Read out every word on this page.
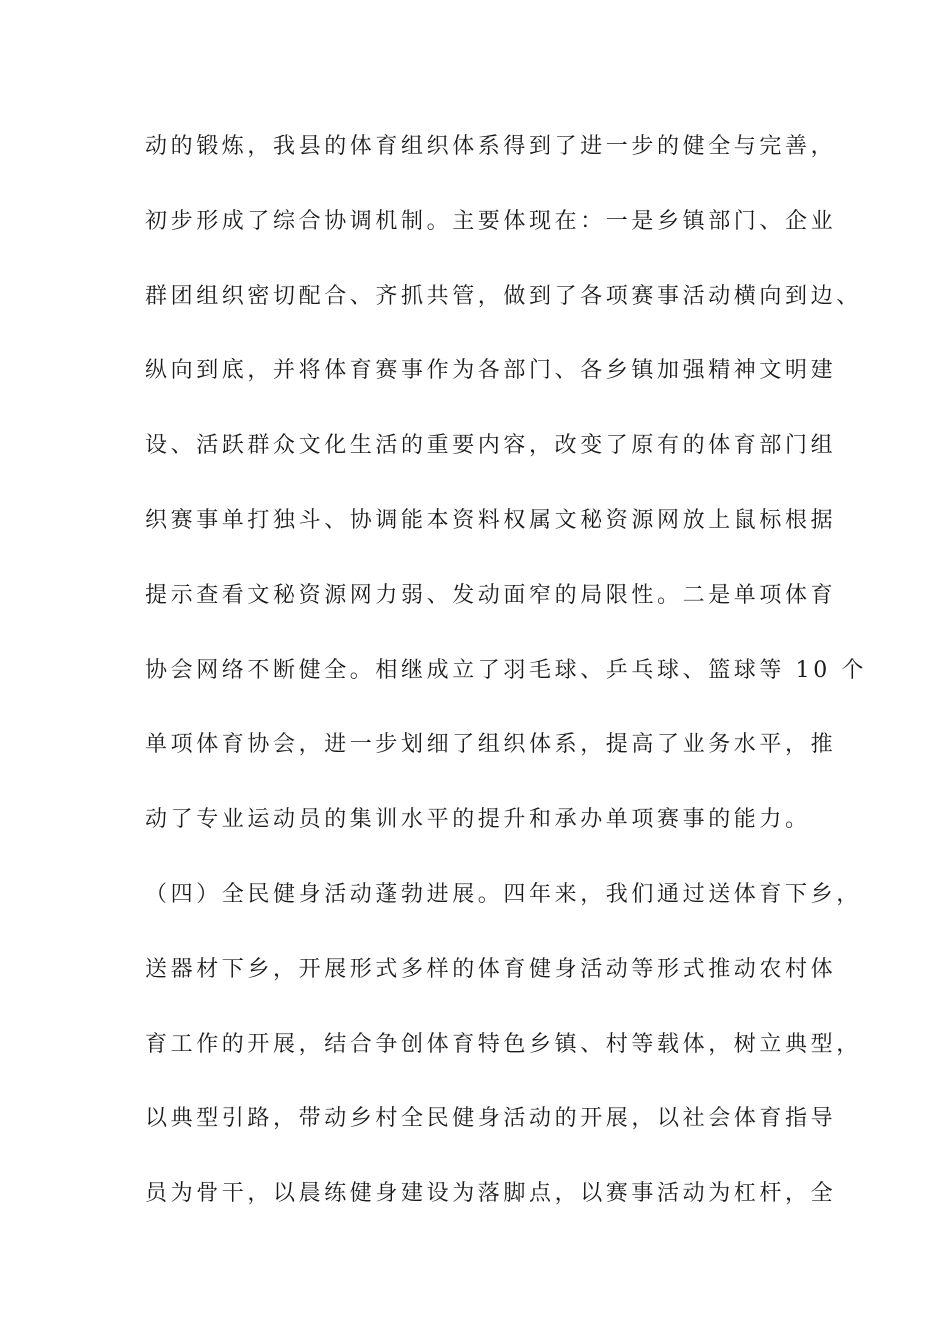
动的锻炼，我县的体育组织体系得到了进一步的健全与完善，
初步形成了综合协调机制。主要体现在：一是乡镇部门、企业
群团组织密切配合、齐抓共管，做到了各项赛事活动横向到边、
纵向到底，并将体育赛事作为各部门、各乡镇加强精神文明建
设、活跃群众文化生活的重要内容，改变了原有的体育部门组
织赛事单打独斗、协调能本资料权属文秘资源网放上鼠标根据
提示查看文秘资源网力弱、发动面窄的局限性。二是单项体育
协会网络不断健全。相继成立了羽毛球、乒乓球、篮球等 10 个
单项体育协会，进一步划细了组织体系，提高了业务水平，推
动了专业运动员的集训水平的提升和承办单项赛事的能力。
（四）全民健身活动蓬勃进展。四年来，我们通过送体育下乡，
送器材下乡，开展形式多样的体育健身活动等形式推动农村体
育工作的开展，结合争创体育特色乡镇、村等载体，树立典型，
以典型引路，带动乡村全民健身活动的开展，以社会体育指导
员为骨干，以晨练健身建设为落脚点，以赛事活动为杠杆，全
